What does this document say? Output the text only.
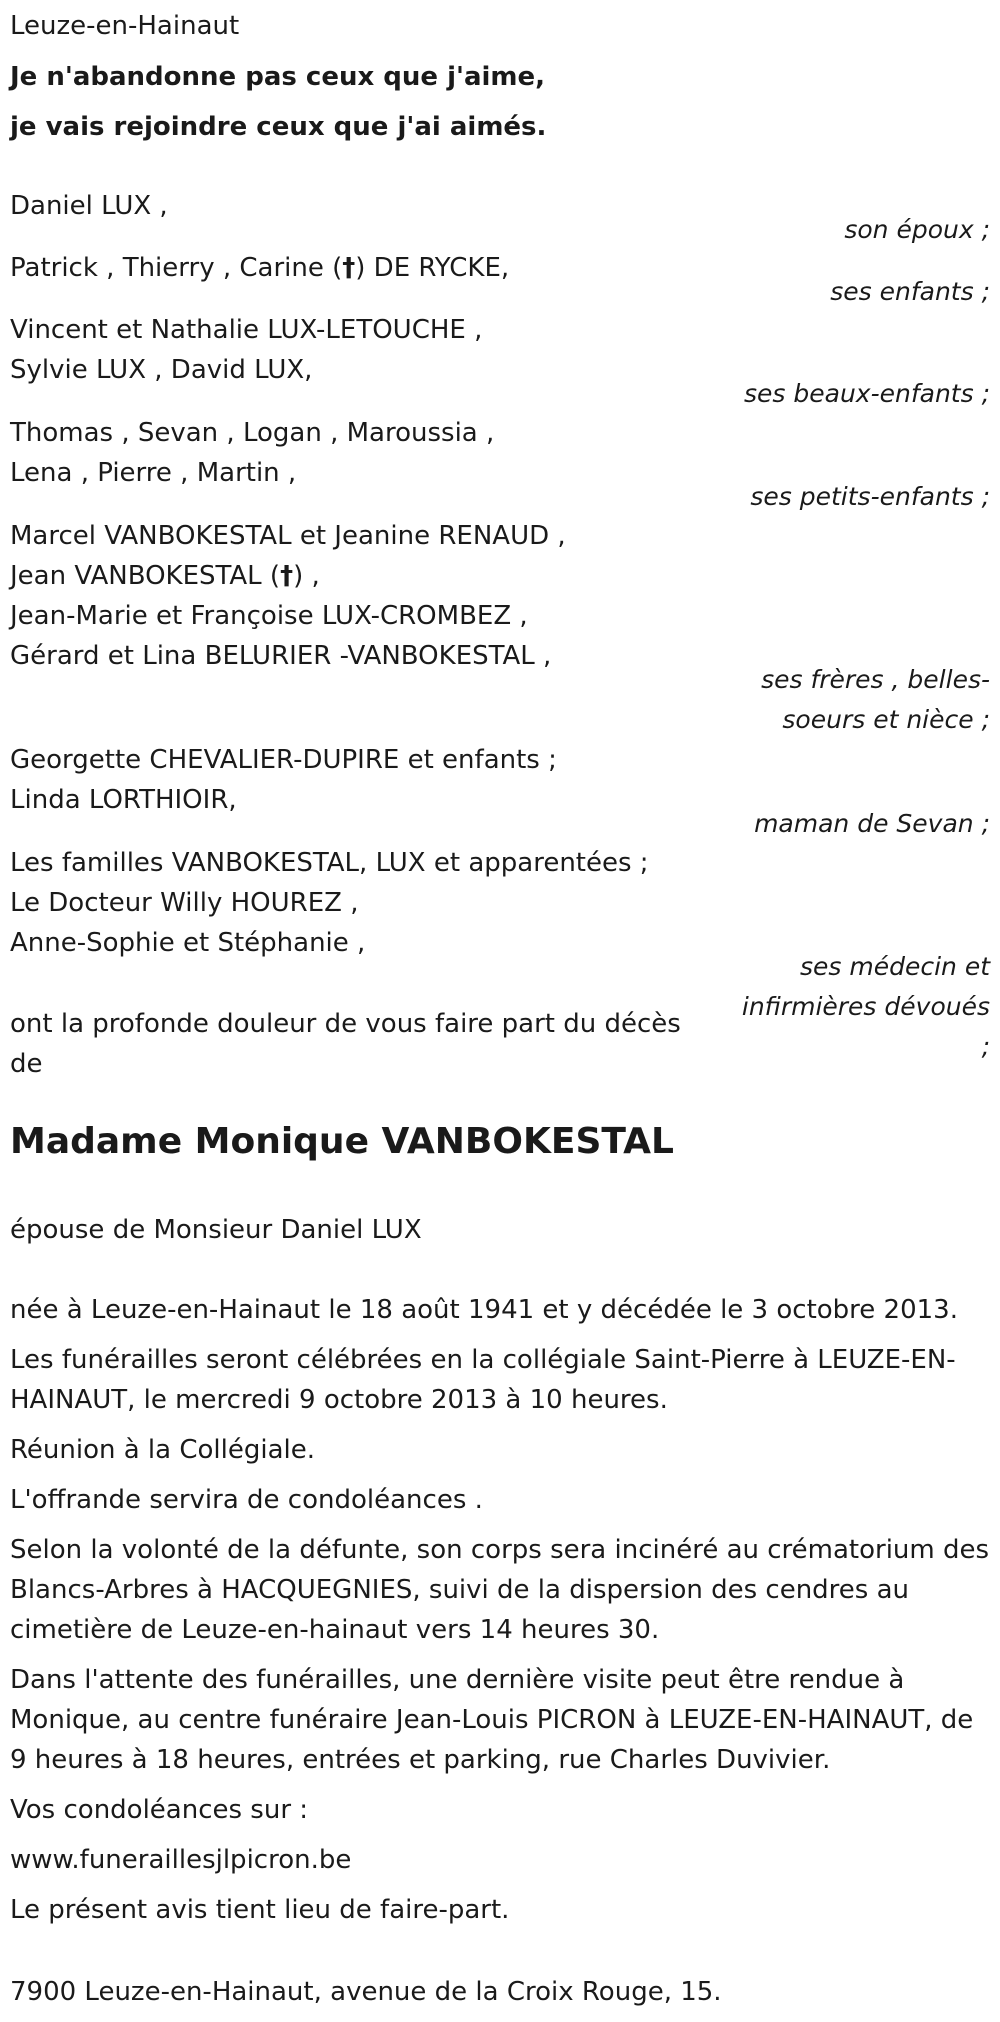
Leuze-en-Hainaut

Je n'abandonne pas ceux que j'aime,

je vais rejoindre ceux que j'ai aimés.

Daniel LUX ,

son époux ;

Patrick , Thierry , Carine (†) DE RYCKE,

ses enfants ;

Vincent et Nathalie LUX-LETOUCHE ,

Sylvie LUX , David LUX,

ses beaux-enfants ;

Thomas , Sevan , Logan , Maroussia ,

Lena , Pierre , Martin ,

ses petits-enfants ;

Marcel VANBOKESTAL et Jeanine RENAUD ,

Jean VANBOKESTAL (†) ,

Jean-Marie et Françoise LUX-CROMBEZ ,

Gérard et Lina BELURIER -VANBOKESTAL ,

ses frères , belles-

soeurs et nièce ;

Georgette CHEVALIER-DUPIRE et enfants ;

Linda LORTHIOIR,

maman de Sevan ;

Les familles VANBOKESTAL, LUX et apparentées ;

Le Docteur Willy HOUREZ ,

Anne-Sophie et Stéphanie ,

ses médecin et

infirmières dévoués

;

ont la profonde douleur de vous faire part du décès

de

Madame Monique VANBOKESTAL

épouse de Monsieur Daniel LUX

née à Leuze-en-Hainaut le 18 août 1941 et y décédée le 3 octobre 2013.

Les funérailles seront célébrées en la collégiale Saint-Pierre à LEUZE-EN-HAINAUT, le mercredi 9 octobre 2013 à 10 heures.

Réunion à la Collégiale.

L'offrande servira de condoléances .

Selon la volonté de la défunte, son corps sera incinéré au crématorium des Blancs-Arbres à HACQUEGNIES, suivi de la dispersion des cendres au cimetière de Leuze-en-hainaut vers 14 heures 30.

Dans l'attente des funérailles, une dernière visite peut être rendue à Monique, au centre funéraire Jean-Louis PICRON à LEUZE-EN-HAINAUT, de 9 heures à 18 heures, entrées et parking, rue Charles Duvivier.

Vos condoléances sur :

www.funeraillesjlpicron.be

Le présent avis tient lieu de faire-part.

7900 Leuze-en-Hainaut, avenue de la Croix Rouge, 15.
